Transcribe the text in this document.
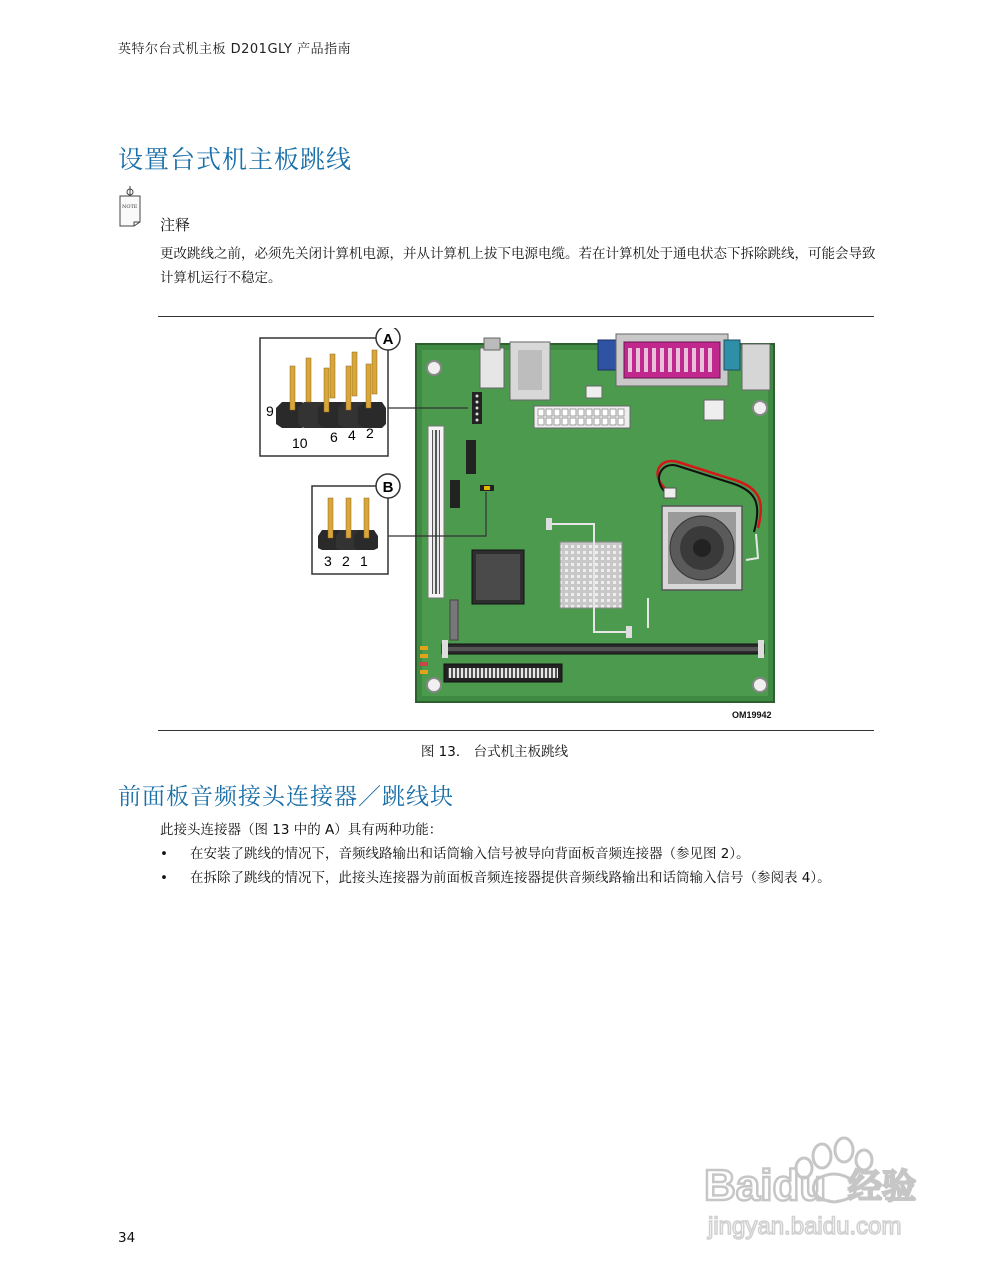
英特尔台式机主板 D201GLY 产品指南
设置台式机主板跳线
NOTE
注释
更改跳线之前，必须先关闭计算机电源，并从计算机上拔下电源电缆。若在计算机处于通电状态下拆除跳线，可能会导致计算机运行不稳定。
A
9
10 6 4 2
B
3 2 1
OM19942
图 13． 台式机主板跳线
前面板音频接头连接器／跳线块
此接头连接器（图 13 中的 A）具有两种功能：
• 在安装了跳线的情况下，音频线路输出和话筒输入信号被导向背面板音频连接器（参见图 2）。
• 在拆除了跳线的情况下，此接头连接器为前面板音频连接器提供音频线路输出和话筒输入信号（参阅表 4）。
34
Baidu 经验
jingyan.baidu.com
